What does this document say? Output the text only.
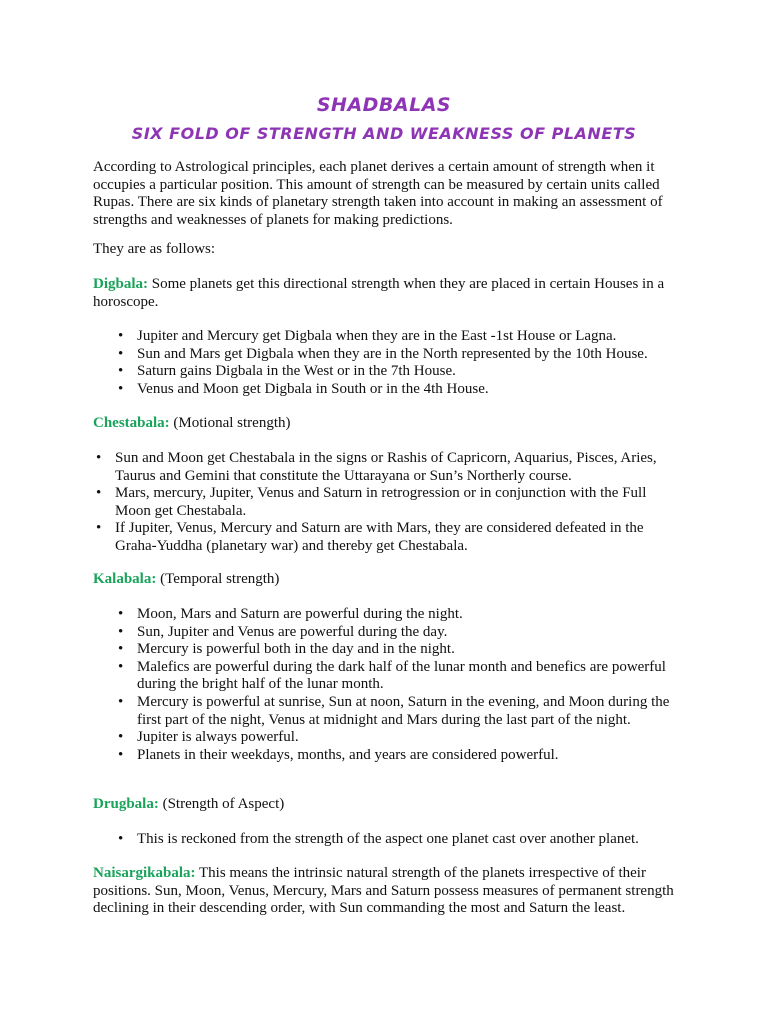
SHADBALAS
SIX FOLD OF STRENGTH AND WEAKNESS OF PLANETS

According to Astrological principles, each planet derives a certain amount of strength when it occupies a particular position. This amount of strength can be measured by certain units called Rupas. There are six kinds of planetary strength taken into account in making an assessment of strengths and weaknesses of planets for making predictions.

They are as follows:

Digbala: Some planets get this directional strength when they are placed in certain Houses in a horoscope.

• Jupiter and Mercury get Digbala when they are in the East -1st House or Lagna.
• Sun and Mars get Digbala when they are in the North represented by the 10th House.
• Saturn gains Digbala in the West or in the 7th House.
• Venus and Moon get Digbala in South or in the 4th House.

Chestabala: (Motional strength)

• Sun and Moon get Chestabala in the signs or Rashis of Capricorn, Aquarius, Pisces, Aries, Taurus and Gemini that constitute the Uttarayana or Sun’s Northerly course.
• Mars, mercury, Jupiter, Venus and Saturn in retrogression or in conjunction with the Full Moon get Chestabala.
• If Jupiter, Venus, Mercury and Saturn are with Mars, they are considered defeated in the Graha-Yuddha (planetary war) and thereby get Chestabala.

Kalabala: (Temporal strength)

• Moon, Mars and Saturn are powerful during the night.
• Sun, Jupiter and Venus are powerful during the day.
• Mercury is powerful both in the day and in the night.
• Malefics are powerful during the dark half of the lunar month and benefics are powerful during the bright half of the lunar month.
• Mercury is powerful at sunrise, Sun at noon, Saturn in the evening, and Moon during the first part of the night, Venus at midnight and Mars during the last part of the night.
• Jupiter is always powerful.
• Planets in their weekdays, months, and years are considered powerful.

Drugbala: (Strength of Aspect)

• This is reckoned from the strength of the aspect one planet cast over another planet.

Naisargikabala: This means the intrinsic natural strength of the planets irrespective of their positions. Sun, Moon, Venus, Mercury, Mars and Saturn possess measures of permanent strength declining in their descending order, with Sun commanding the most and Saturn the least.
